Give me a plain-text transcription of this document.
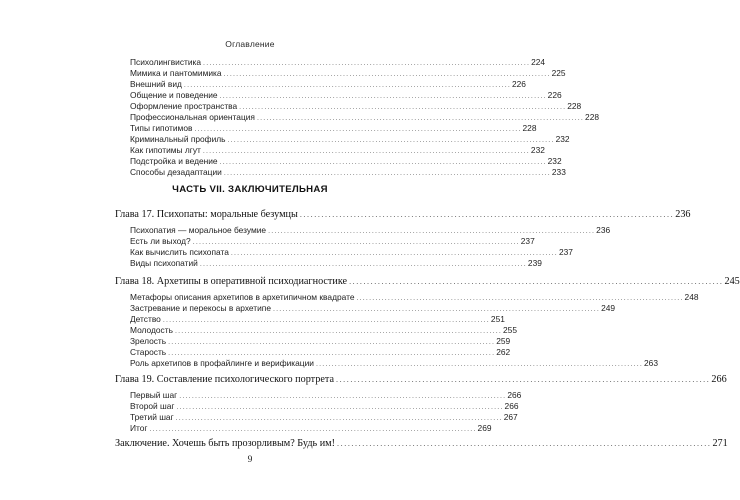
Оглавление
Психолингвистика ........................................................................................................ 224
Мимика и пантомимика ........................................................................................................ 225
Внешний вид ........................................................................................................ 226
Общение и поведение ........................................................................................................ 226
Оформление пространства ........................................................................................................ 228
Профессиональная ориентация ........................................................................................................ 228
Типы гипотимов ........................................................................................................ 228
Криминальный профиль ........................................................................................................ 232
Как гипотимы лгут ........................................................................................................ 232
Подстройка и ведение ........................................................................................................ 232
Способы дезадаптации ........................................................................................................ 233
Глава 17. Психопаты: моральные безумцы ........................................................................................................ 236
Психопатия — моральное безумие ........................................................................................................ 236
Есть ли выход? ........................................................................................................ 237
Как вычислить психопата ........................................................................................................ 237
Виды психопатий ........................................................................................................ 239
Глава 18. Архетипы в оперативной психодиагностике ........................................................................................................ 245
Метафоры описания архетипов в архетипичном квадрате ........................................................................................................ 248
Застревание и перекосы в архетипе ........................................................................................................ 249
Детство ........................................................................................................ 251
Молодость ........................................................................................................ 255
Зрелость ........................................................................................................ 259
Старость ........................................................................................................ 262
Роль архетипов в профайлинге и верификации ........................................................................................................ 263
Глава 19. Составление психологического портрета ........................................................................................................ 266
Первый шаг ........................................................................................................ 266
Второй шаг ........................................................................................................ 266
Третий шаг ........................................................................................................ 267
Итог ........................................................................................................ 269
Заключение. Хочешь быть прозорливым? Будь им! ........................................................................................................ 271
ЧАСТЬ VII. ЗАКЛЮЧИТЕЛЬНАЯ
9
